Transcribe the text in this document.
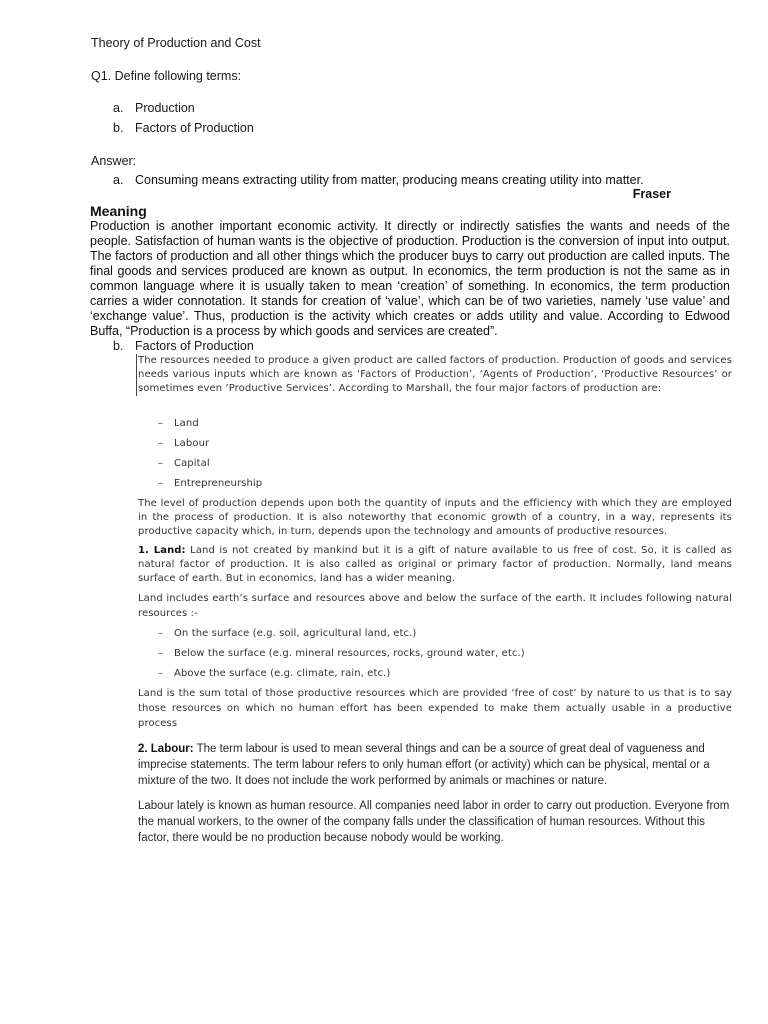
Theory of Production and Cost
Q1. Define following terms:
a. Production
b. Factors of Production
Answer:
a. Consuming means extracting utility from matter, producing means creating utility into matter.
Fraser
Meaning

Production is another important economic activity. It directly or indirectly satisfies the wants and needs of the people. Satisfaction of human wants is the objective of production. Production is the conversion of input into output. The factors of production and all other things which the producer buys to carry out production are called inputs. The final goods and services produced are known as output. In economics, the term production is not the same as in common language where it is usually taken to mean ‘creation’ of something. In economics, the term production carries a wider connotation. It stands for creation of ‘value’, which can be of two varieties, namely ‘use value’ and ‘exchange value’. Thus, production is the activity which creates or adds utility and value. According to Edwood Buffa, “Production is a process by which goods and services are created”.

b. Factors of Production

The resources needed to produce a given product are called factors of production. Production of goods and services needs various inputs which are known as ‘Factors of Production’, ‘Agents of Production’, ‘Productive Resources’ or sometimes even ‘Productive Services’. According to Marshall, the four major factors of production are:

– Land
– Labour
– Capital
– Entrepreneurship

The level of production depends upon both the quantity of inputs and the efficiency with which they are employed in the process of production. It is also noteworthy that economic growth of a country, in a way, represents its productive capacity which, in turn, depends upon the technology and amounts of productive resources.

1. Land: Land is not created by mankind but it is a gift of nature available to us free of cost. So, it is called as natural factor of production. It is also called as original or primary factor of production. Normally, land means surface of earth. But in economics, land has a wider meaning.

Land includes earth’s surface and resources above and below the surface of the earth. It includes following natural resources :-

– On the surface (e.g. soil, agricultural land, etc.)
– Below the surface (e.g. mineral resources, rocks, ground water, etc.)
– Above the surface (e.g. climate, rain, etc.)

Land is the sum total of those productive resources which are provided ‘free of cost’ by nature to us that is to say those resources on which no human effort has been expended to make them actually usable in a productive process

2. Labour: The term labour is used to mean several things and can be a source of great deal of vagueness and imprecise statements. The term labour refers to only human effort (or activity) which can be physical, mental or a mixture of the two. It does not include the work performed by animals or machines or nature.

Labour lately is known as human resource. All companies need labor in order to carry out production. Everyone from the manual workers, to the owner of the company falls under the classification of human resources. Without this factor, there would be no production because nobody would be working.
